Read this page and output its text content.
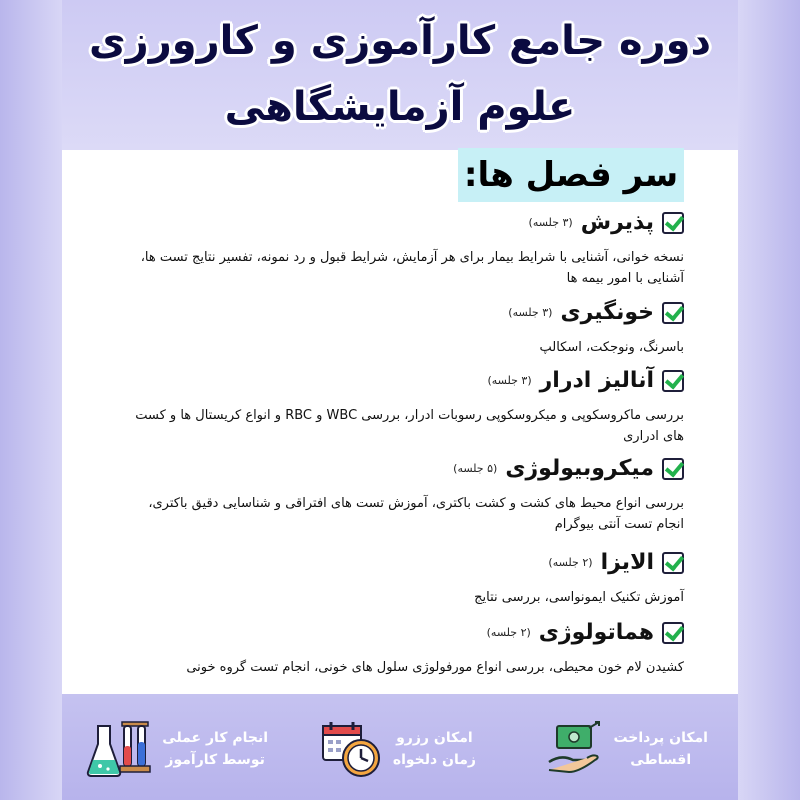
دوره جامع کارآموزی و کارورزی
علوم آزمایشگاهی
سر فصل ها:
پذیرش
(۳ جلسه)
نسخه خوانی، آشنایی با شرایط بیمار برای هر آزمایش، شرایط قبول و رد نمونه، تفسیر نتایج تست ها، آشنایی با امور بیمه ها
خونگیری
(۳ جلسه)
باسرنگ، ونوجکت، اسکالپ
آنالیز ادرار
(۳ جلسه)
بررسی ماکروسکوپی و میکروسکوپی رسوبات ادرار، بررسی WBC و RBC و انواع کریستال ها و کست های ادراری
میکروبیولوژی
(۵ جلسه)
بررسی انواع محیط های کشت و کشت باکتری، آموزش تست های افتراقی و شناسایی دقیق باکتری، انجام تست آنتی بیوگرام
الایزا
(۲ جلسه)
آموزش تکنیک ایمونواسی، بررسی نتایج
هماتولوژی
(۲ جلسه)
کشیدن لام خون محیطی، بررسی انواع مورفولوژی سلول های خونی، انجام تست گروه خونی
امکان پرداخت
اقساطی
امکان رزرو
زمان دلخواه
انجام کار عملی
توسط کارآموز
